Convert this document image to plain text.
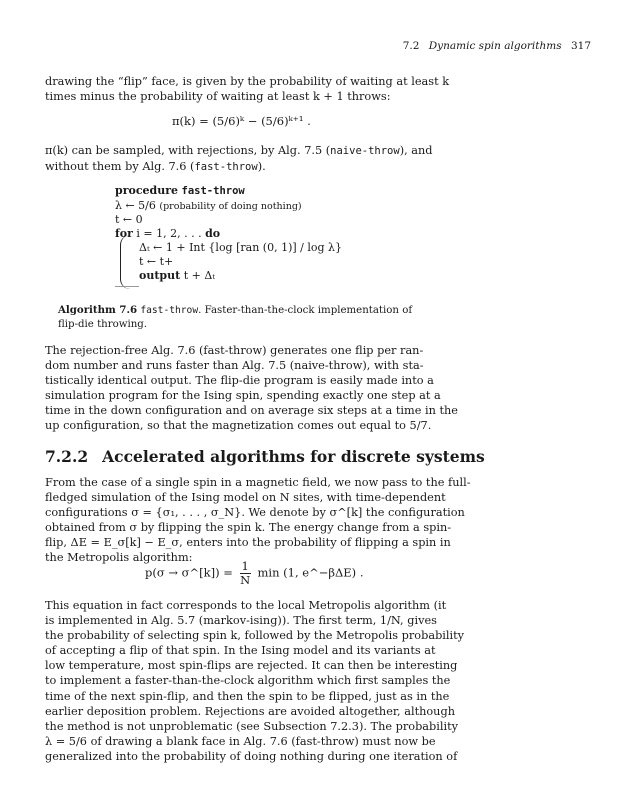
7.2 Dynamic spin algorithms 317
drawing the “flip” face, is given by the probability of waiting at least k
times minus the probability of waiting at least k + 1 throws:
π(k) = (5/6)ᵏ − (5/6)ᵏ⁺¹ .
π(k) can be sampled, with rejections, by Alg. 7.5 (naive-throw), and
without them by Alg. 7.6 (fast-throw).
procedure fast-throw
λ ← 5/6 (probability of doing nothing)
t ← 0
for i = 1, 2, . . . do
Δₜ ← 1 + Int {log [ran (0, 1)] / log λ}
t ← t+
output t + Δₜ
Algorithm 7.6 fast-throw. Faster-than-the-clock implementation of
flip-die throwing.
The rejection-free Alg. 7.6 (fast-throw) generates one flip per ran-
dom number and runs faster than Alg. 7.5 (naive-throw), with sta-
tistically identical output. The flip-die program is easily made into a
simulation program for the Ising spin, spending exactly one step at a
time in the down configuration and on average six steps at a time in the
up configuration, so that the magnetization comes out equal to 5/7.
7.2.2 Accelerated algorithms for discrete systems
From the case of a single spin in a magnetic field, we now pass to the full-
fledged simulation of the Ising model on N sites, with time-dependent
configurations σ = {σ₁, . . . , σ_N}. We denote by σ^[k] the configuration
obtained from σ by flipping the spin k. The energy change from a spin-
flip, ΔE = E_σ[k] − E_σ, enters into the probability of flipping a spin in
the Metropolis algorithm:
p(σ → σ^[k]) = $\frac{1}{N}$ min (1, e^−βΔE) .
This equation in fact corresponds to the local Metropolis algorithm (it
is implemented in Alg. 5.7 (markov-ising)). The first term, 1/N, gives
the probability of selecting spin k, followed by the Metropolis probability
of accepting a flip of that spin. In the Ising model and its variants at
low temperature, most spin-flips are rejected. It can then be interesting
to implement a faster-than-the-clock algorithm which first samples the
time of the next spin-flip, and then the spin to be flipped, just as in the
earlier deposition problem. Rejections are avoided altogether, although
the method is not unproblematic (see Subsection 7.2.3). The probability
λ = 5/6 of drawing a blank face in Alg. 7.6 (fast-throw) must now be
generalized into the probability of doing nothing during one iteration of
